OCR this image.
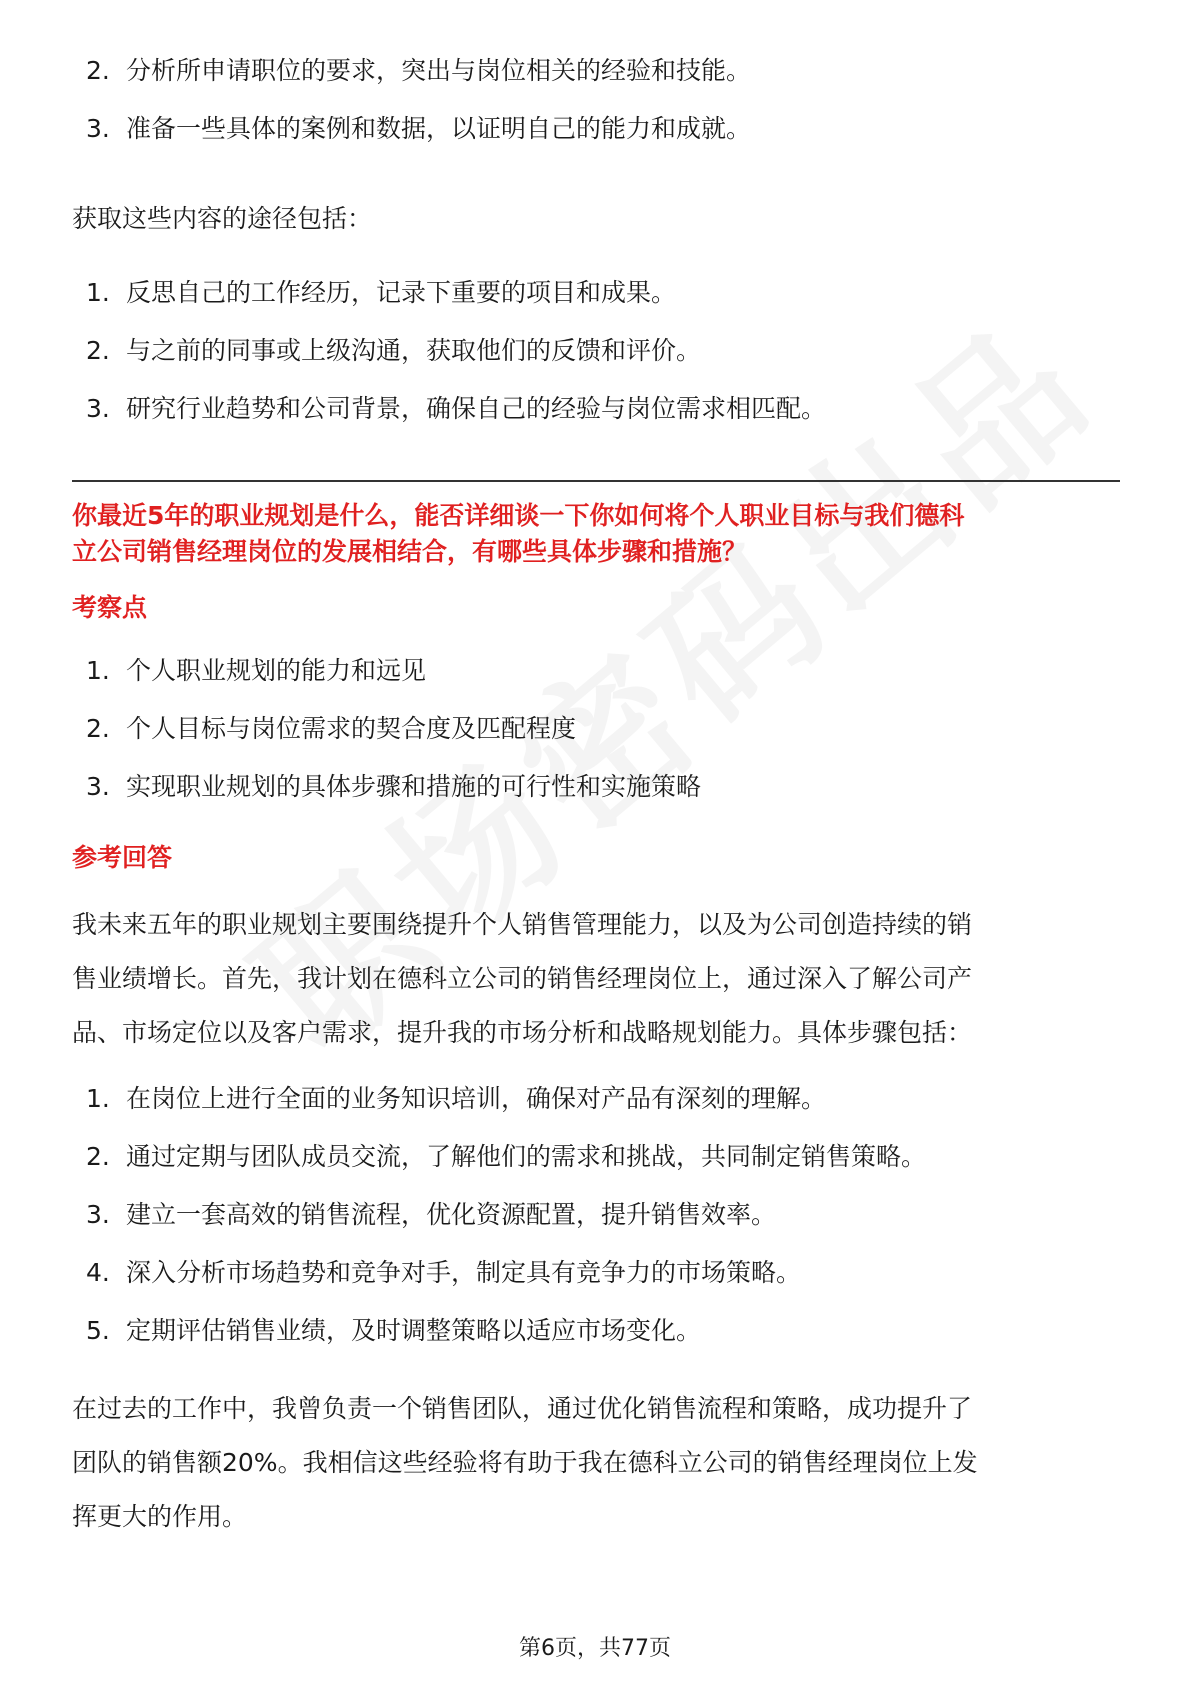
2. 分析所申请职位的要求，突出与岗位相关的经验和技能。
3. 准备一些具体的案例和数据，以证明自己的能力和成就。

获取这些内容的途径包括：

1. 反思自己的工作经历，记录下重要的项目和成果。
2. 与之前的同事或上级沟通，获取他们的反馈和评价。
3. 研究行业趋势和公司背景，确保自己的经验与岗位需求相匹配。

你最近5年的职业规划是什么，能否详细谈一下你如何将个人职业目标与我们德科

立公司销售经理岗位的发展相结合，有哪些具体步骤和措施？

考察点

1. 个人职业规划的能力和远见
2. 个人目标与岗位需求的契合度及匹配程度
3. 实现职业规划的具体步骤和措施的可行性和实施策略

参考回答

我未来五年的职业规划主要围绕提升个人销售管理能力，以及为公司创造持续的销

售业绩增长。首先，我计划在德科立公司的销售经理岗位上，通过深入了解公司产

品、市场定位以及客户需求，提升我的市场分析和战略规划能力。具体步骤包括：

1. 在岗位上进行全面的业务知识培训，确保对产品有深刻的理解。
2. 通过定期与团队成员交流，了解他们的需求和挑战，共同制定销售策略。
3. 建立一套高效的销售流程，优化资源配置，提升销售效率。
4. 深入分析市场趋势和竞争对手，制定具有竞争力的市场策略。
5. 定期评估销售业绩，及时调整策略以适应市场变化。

在过去的工作中，我曾负责一个销售团队，通过优化销售流程和策略，成功提升了

团队的销售额20%。我相信这些经验将有助于我在德科立公司的销售经理岗位上发

挥更大的作用。

第6页，共77页
